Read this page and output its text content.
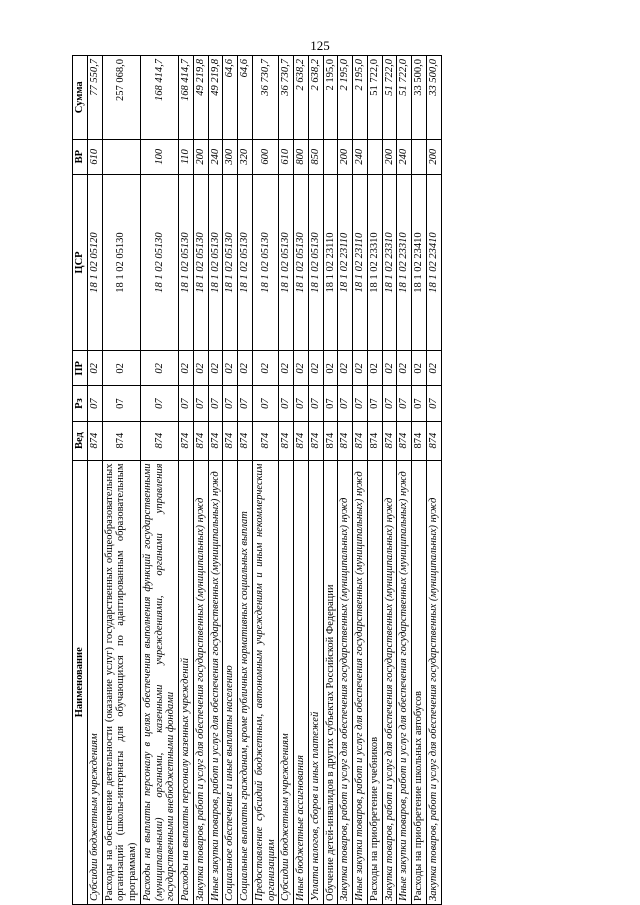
125
Наименование	Вед	Рз	ПР	ЦСР	ВР	Сумма
Субсидии бюджетным учреждениям	874	07	02	18 1 02 05120	610	77 550,7
Расходы на обеспечение деятельности (оказание услуг) государственных общеобразовательных организаций (школы-интернаты для обучающихся по адаптированным образовательным программам)	874	07	02	18 1 02 05130		257 068,0
Расходы на выплаты персоналу в целях обеспечения выполнения функций государственными (муниципальными) органами, казенными учреждениями, органами управления государственными внебюджетными фондами	874	07	02	18 1 02 05130	100	168 414,7
Расходы на выплаты персоналу казенных учреждений	874	07	02	18 1 02 05130	110	168 414,7
Закупка товаров, работ и услуг для обеспечения государственных (муниципальных) нужд	874	07	02	18 1 02 05130	200	49 219,8
Иные закупки товаров, работ и услуг для обеспечения государственных (муниципальных) нужд	874	07	02	18 1 02 05130	240	49 219,8
Социальное обеспечение и иные выплаты населению	874	07	02	18 1 02 05130	300	64,6
Социальные выплаты гражданам, кроме публичных нормативных социальных выплат	874	07	02	18 1 02 05130	320	64,6
Предоставление субсидий бюджетным, автономным учреждениям и иным некоммерческим организациям	874	07	02	18 1 02 05130	600	36 730,7
Субсидии бюджетным учреждениям	874	07	02	18 1 02 05130	610	36 730,7
Иные бюджетные ассигнования	874	07	02	18 1 02 05130	800	2 638,2
Уплата налогов, сборов и иных платежей	874	07	02	18 1 02 05130	850	2 638,2
Обучение детей-инвалидов в других субъектах Российской Федерации	874	07	02	18 1 02 23110		2 195,0
Закупка товаров, работ и услуг для обеспечения государственных (муниципальных) нужд	874	07	02	18 1 02 23110	200	2 195,0
Иные закупки товаров, работ и услуг для обеспечения государственных (муниципальных) нужд	874	07	02	18 1 02 23110	240	2 195,0
Расходы на приобретение учебников	874	07	02	18 1 02 23310		51 722,0
Закупка товаров, работ и услуг для обеспечения государственных (муниципальных) нужд	874	07	02	18 1 02 23310	200	51 722,0
Иные закупки товаров, работ и услуг для обеспечения государственных (муниципальных) нужд	874	07	02	18 1 02 23310	240	51 722,0
Расходы на приобретение школьных автобусов	874	07	02	18 1 02 23410		33 500,0
Закупка товаров, работ и услуг для обеспечения государственных (муниципальных) нужд	874	07	02	18 1 02 23410	200	33 500,0
